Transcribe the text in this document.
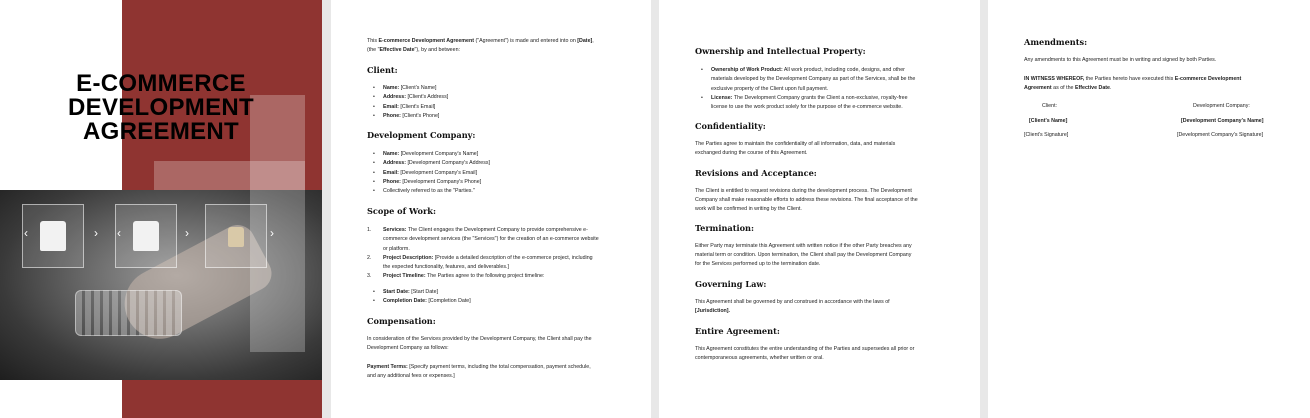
‹	› ‹	›	›
E-COMMERCE
DEVELOPMENT
AGREEMENT

This E-commerce Development Agreement ("Agreement") is made and entered into on [Date],
(the "Effective Date"), by and between:

Client:
• Name: [Client's Name]
• Address: [Client's Address]
• Email: [Client's Email]
• Phone: [Client's Phone]
Development Company:
• Name: [Development Company's Name]
• Address: [Development Company's Address]
• Email: [Development Company's Email]
• Phone: [Development Company's Phone]
• Collectively referred to as the "Parties."
Scope of Work:
1. Services: The Client engages the Development Company to provide comprehensive e-
commerce development services (the "Services") for the creation of an e-commerce website
or platform.
2. Project Description: [Provide a detailed description of the e-commerce project, including
the expected functionality, features, and deliverables.]
3. Project Timeline: The Parties agree to the following project timeline:
• Start Date: [Start Date]
• Completion Date: [Completion Date]
Compensation:

In consideration of the Services provided by the Development Company, the Client shall pay the
Development Company as follows:

Payment Terms: [Specify payment terms, including the total compensation, payment schedule,
and any additional fees or expenses.]

Ownership and Intellectual Property:
• Ownership of Work Product: All work product, including code, designs, and other
materials developed by the Development Company as part of the Services, shall be the
exclusive property of the Client upon full payment.
• License: The Development Company grants the Client a non-exclusive, royalty-free
license to use the work product solely for the purpose of the e-commerce website.
Confidentiality:

The Parties agree to maintain the confidentiality of all information, data, and materials
exchanged during the course of this Agreement.

Revisions and Acceptance:

The Client is entitled to request revisions during the development process. The Development
Company shall make reasonable efforts to address these revisions. The final acceptance of the
work will be confirmed in writing by the Client.

Termination:

Either Party may terminate this Agreement with written notice if the other Party breaches any
material term or condition. Upon termination, the Client shall pay the Development Company
for the Services performed up to the termination date.

Governing Law:

This Agreement shall be governed by and construed in accordance with the laws of
[Jurisdiction].

Entire Agreement:

This Agreement constitutes the entire understanding of the Parties and supersedes all prior or
contemporaneous agreements, whether written or oral.

Amendments:

Any amendments to this Agreement must be in writing and signed by both Parties.

IN WITNESS WHEREOF, the Parties hereto have executed this E-commerce Development
Agreement as of the Effective Date.

Client:	Development Company:
[Client's Name]	[Development Company's Name]
[Client's Signature]	[Development Company's Signature]
